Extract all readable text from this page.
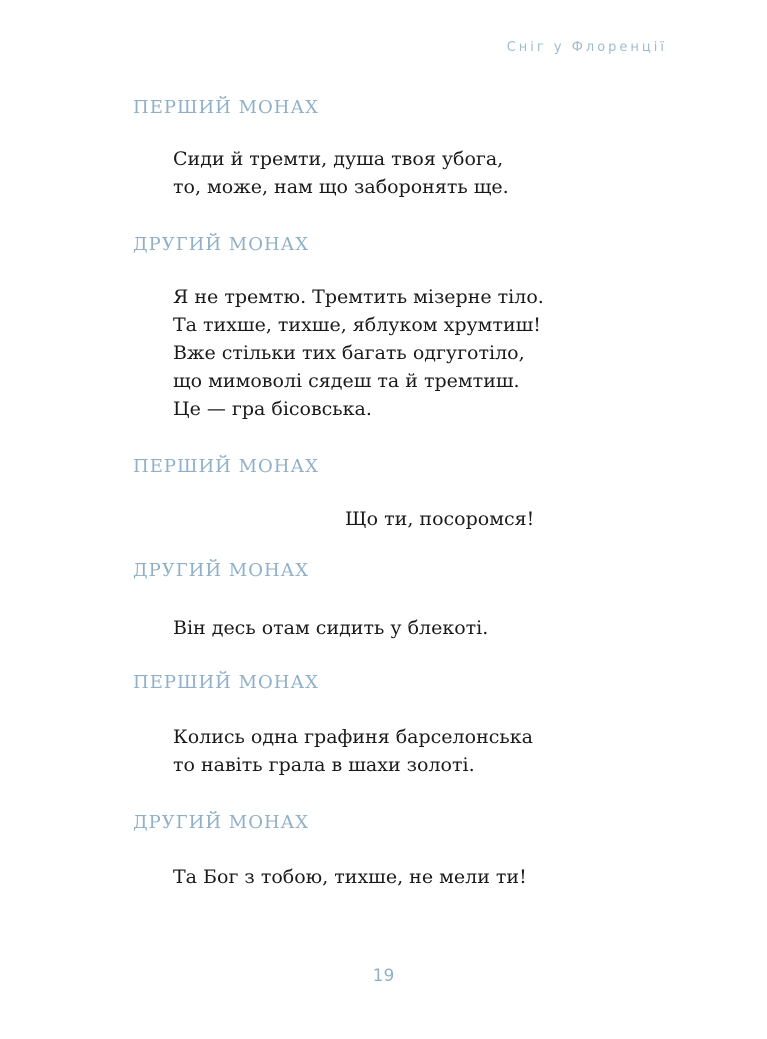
Сніг у Флоренції
ПЕРШИЙ МОНАХ
Сиди й тремти, душа твоя убога,
то, може, нам що заборонять ще.
ДРУГИЙ МОНАХ
Я не тремтю. Тремтить мізерне тіло.
Та тихше, тихше, яблуком хрумтиш!
Вже стільки тих багать одгуготіло,
що мимоволі сядеш та й тремтиш.
Це — гра бісовська.
ПЕРШИЙ МОНАХ
Що ти, посоромся!
ДРУГИЙ МОНАХ
Він десь отам сидить у блекоті.
ПЕРШИЙ МОНАХ
Колись одна графиня барселонська
то навіть грала в шахи золоті.
ДРУГИЙ МОНАХ
Та Бог з тобою, тихше, не мели ти!
19
